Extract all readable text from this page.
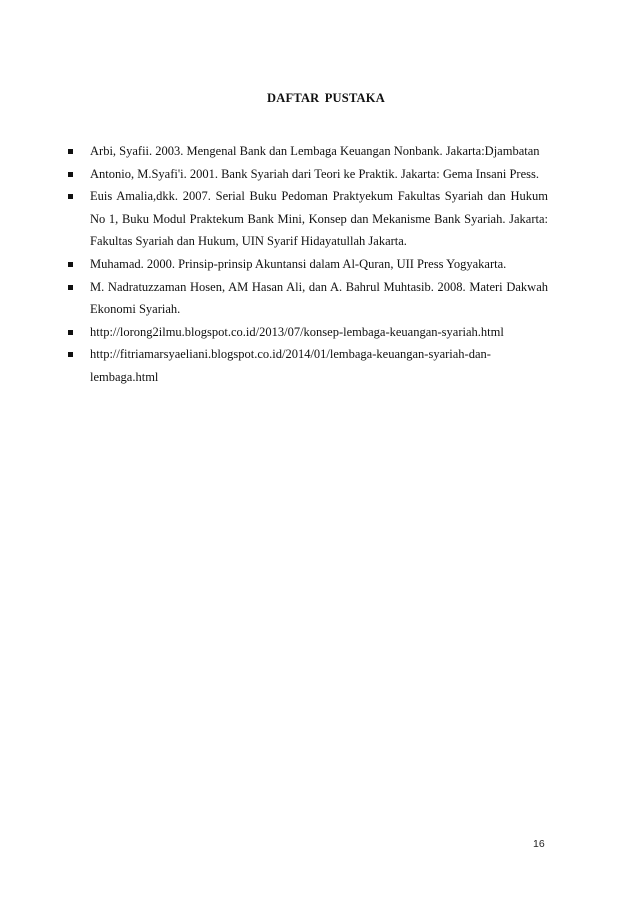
DAFTAR PUSTAKA
Arbi, Syafii. 2003. Mengenal Bank dan Lembaga Keuangan Nonbank. Jakarta:Djambatan
Antonio, M.Syafi'i. 2001. Bank Syariah dari Teori ke Praktik. Jakarta: Gema Insani Press.
Euis Amalia,dkk. 2007. Serial Buku Pedoman Praktyekum Fakultas Syariah dan Hukum No 1, Buku Modul Praktekum Bank Mini, Konsep dan Mekanisme Bank Syariah. Jakarta: Fakultas Syariah dan Hukum, UIN Syarif Hidayatullah Jakarta.
Muhamad. 2000. Prinsip-prinsip Akuntansi dalam Al-Quran, UII Press Yogyakarta.
M. Nadratuzzaman Hosen, AM Hasan Ali, dan A. Bahrul Muhtasib. 2008. Materi Dakwah Ekonomi Syariah.
http://lorong2ilmu.blogspot.co.id/2013/07/konsep-lembaga-keuangan-syariah.html
http://fitriamarsyaeliani.blogspot.co.id/2014/01/lembaga-keuangan-syariah-dan- lembaga.html
16
